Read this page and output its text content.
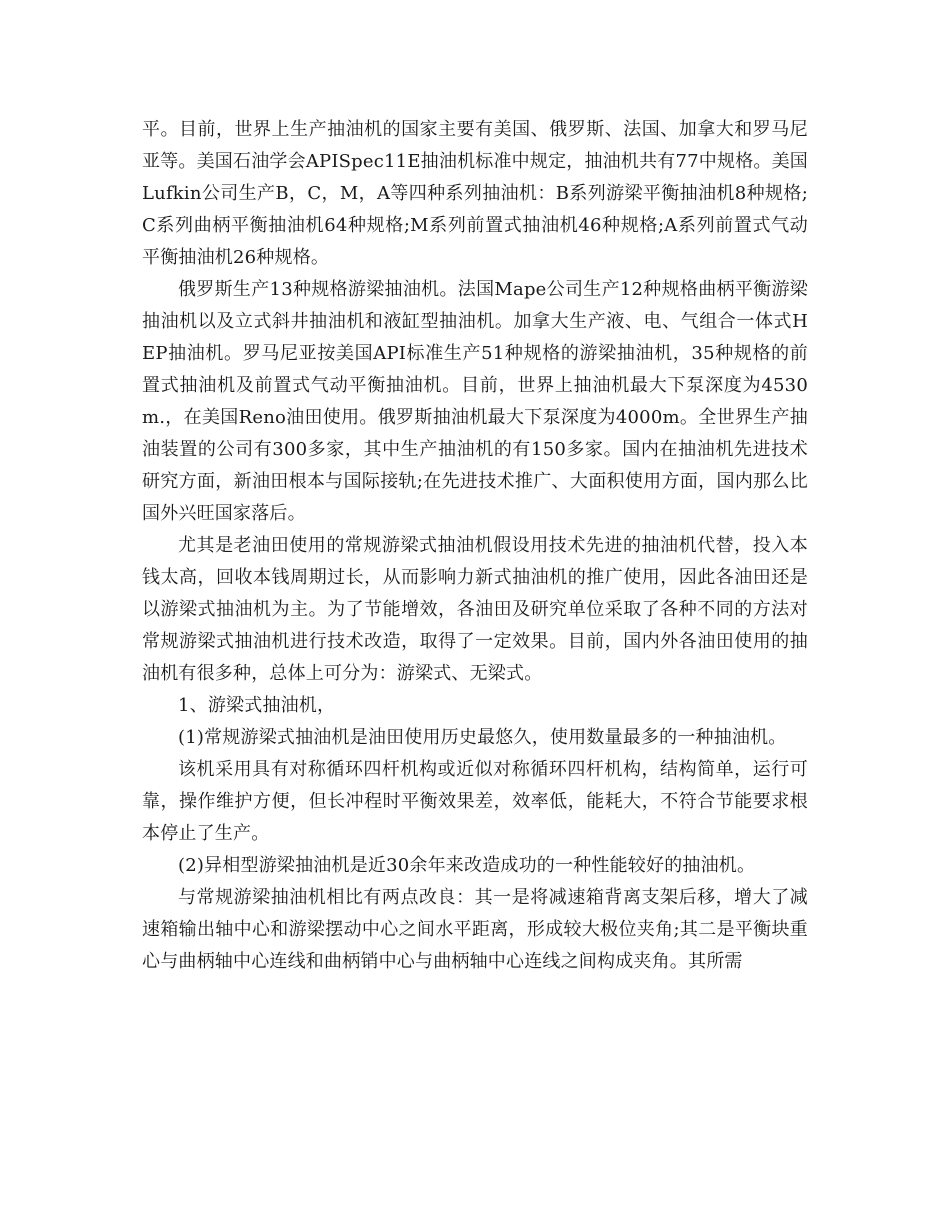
平。目前，世界上生产抽油机的国家主要有美国、俄罗斯、法国、加拿大和罗马尼亚等。美国石油学会APISpec11E抽油机标准中规定，抽油机共有77中规格。美国Lufkin公司生产B，C，M，A等四种系列抽油机：B系列游梁平衡抽油机8种规格;C系列曲柄平衡抽油机64种规格;M系列前置式抽油机46种规格;A系列前置式气动平衡抽油机26种规格。

俄罗斯生产13种规格游梁抽油机。法国Mape公司生产12种规格曲柄平衡游梁抽油机以及立式斜井抽油机和液缸型抽油机。加拿大生产液、电、气组合一体式HEP抽油机。罗马尼亚按美国API标准生产51种规格的游梁抽油机，35种规格的前置式抽油机及前置式气动平衡抽油机。目前，世界上抽油机最大下泵深度为4530m.，在美国Reno油田使用。俄罗斯抽油机最大下泵深度为4000m。全世界生产抽油装置的公司有300多家，其中生产抽油机的有150多家。国内在抽油机先进技术研究方面，新油田根本与国际接轨;在先进技术推广、大面积使用方面，国内那么比国外兴旺国家落后。

尤其是老油田使用的常规游梁式抽油机假设用技术先进的抽油机代替，投入本钱太高，回收本钱周期过长，从而影响力新式抽油机的推广使用，因此各油田还是以游梁式抽油机为主。为了节能增效，各油田及研究单位采取了各种不同的方法对常规游梁式抽油机进行技术改造，取得了一定效果。目前，国内外各油田使用的抽油机有很多种，总体上可分为：游梁式、无梁式。

1、游梁式抽油机，

(1)常规游梁式抽油机是油田使用历史最悠久，使用数量最多的一种抽油机。

该机采用具有对称循环四杆机构或近似对称循环四杆机构，结构简单，运行可靠，操作维护方便，但长冲程时平衡效果差，效率低，能耗大，不符合节能要求根本停止了生产。

(2)异相型游梁抽油机是近30余年来改造成功的一种性能较好的抽油机。

与常规游梁抽油机相比有两点改良：其一是将减速箱背离支架后移，增大了减速箱输出轴中心和游梁摆动中心之间水平距离，形成较大极位夹角;其二是平衡块重心与曲柄轴中心连线和曲柄销中心与曲柄轴中心连线之间构成夹角。其所需
